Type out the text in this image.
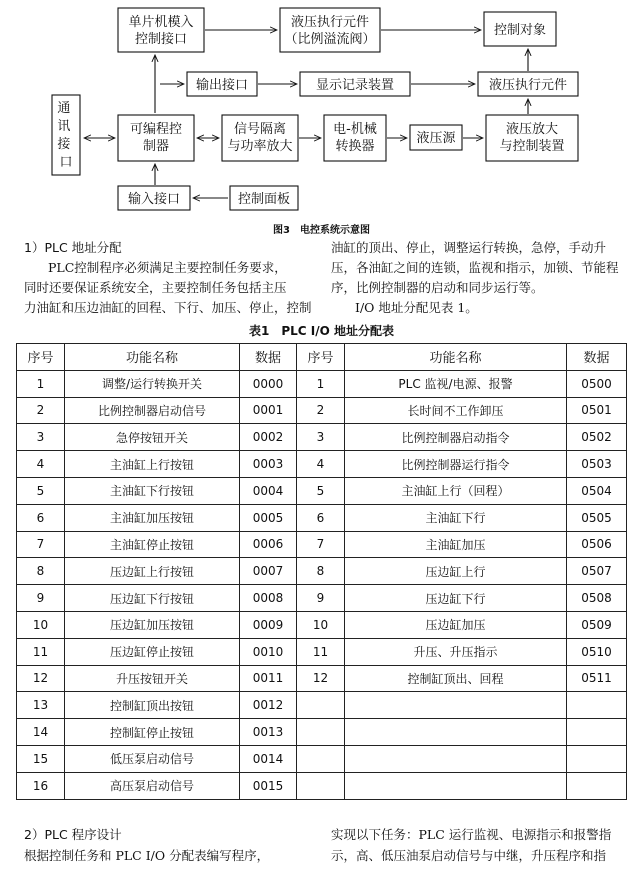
单片机模入控制接口
液压执行元件（比例溢流阀）
控制对象
通 讯 接 口
输出接口	显示记录装置	液压执行元件
可编程控制器
信号隔离与功率放大
电-机械转换器
液压源
液压放大与控制装置
输入接口	控制面板
图3　电控系统示意图

1）PLC 地址分配

PLC控制程序必须满足主要控制任务要求，

同时还要保证系统安全，主要控制任务包括主压

力油缸和压边油缸的回程、下行、加压、停止，控制

油缸的顶出、停止，调整运行转换，急停，手动升

压，各油缸之间的连锁，监视和指示，加锁、节能程

序，比例控制器的启动和同步运行等。

I/O 地址分配见表 1。

表1　PLC I/O 地址分配表
序号	功能名称	数据	序号	功能名称	数据
1	调整/运行转换开关	0000	1	PLC 监视/电源、报警	0500
2	比例控制器启动信号	0001	2	长时间不工作卸压	0501
3	急停按钮开关	0002	3	比例控制器启动指令	0502
4	主油缸上行按钮	0003	4	比例控制器运行指令	0503
5	主油缸下行按钮	0004	5	主油缸上行（回程）	0504
6	主油缸加压按钮	0005	6	主油缸下行	0505
7	主油缸停止按钮	0006	7	主油缸加压	0506
8	压边缸上行按钮	0007	8	压边缸上行	0507
9	压边缸下行按钮	0008	9	压边缸下行	0508
10	压边缸加压按钮	0009	10	压边缸加压	0509
11	压边缸停止按钮	0010	11	升压、升压指示	0510
12	升压按钮开关	0011	12	控制缸顶出、回程	0511
13	控制缸顶出按钮	0012			
14	控制缸停止按钮	0013			
15	低压泵启动信号	0014			
16	高压泵启动信号	0015			
2）PLC 程序设计
根据控制任务和 PLC I/O 分配表编写程序，
实现以下任务：PLC 运行监视、电源指示和报警指
示，高、低压油泵启动信号与中继，升压程序和指
